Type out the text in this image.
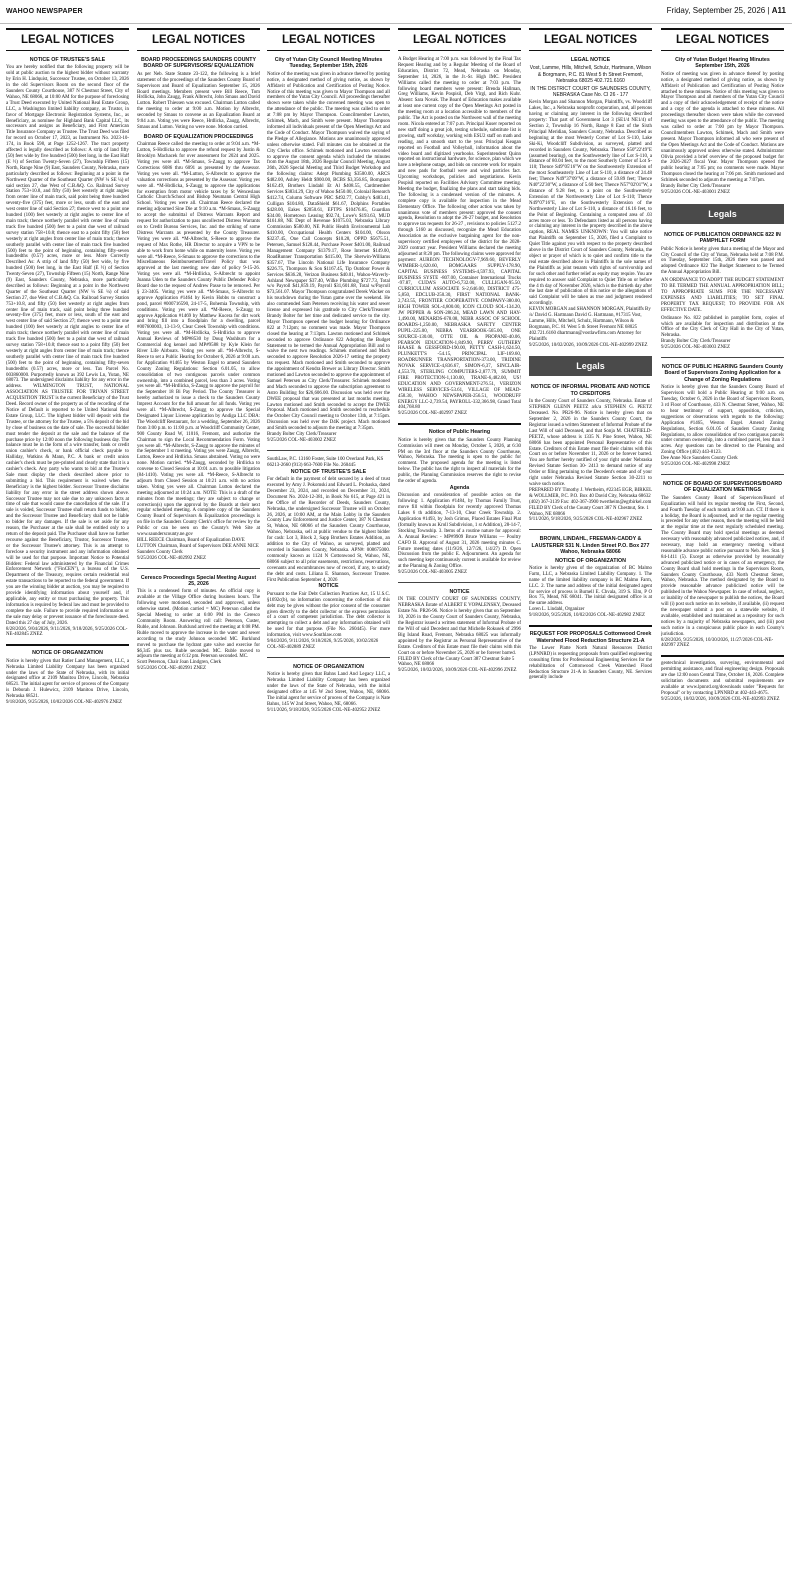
WAHOO NEWSPAPER	Friday, September 25, 2026 | A11
LEGAL NOTICES
NOTICE OF TRUSTEE'S SALE
You are hereby notified that the following property will be sold at public auction to the highest bidder without warranty by Erin H. Lindquist, Successor Trustee, on October 13, 2026 in the old Supervisors Room on the second floor of the Saunders County Courthouse, 387 N Chestnut Street, City of Wahoo, NE 68066, at 10:00 AM for the purpose of foreclosing a Trust Deed executed by United National Real Estate Group, LLC, a Washington limited liability company, as Trustor, in favor of Mortgage Electronic Registration Systems, Inc., as Beneficiary, as nominee for Highland Bank Capital LLC, its successors and assigns as Beneficiary, and First American Title Insurance Company as Trustee. The Trust Deed was filed for record on October 17, 2023, as Instrument No. 2023-10-174, in Book 598, at Page 1252-1267. The tract property affected is legally described as follows: A strip of land fifty (50) feet wide by five hundred (500) feet long, in the East Half (E ½) of Section Twenty-Seven (27), Township Fifteen (15) North, Range Nine (9) East, Saunders County, Nebraska, more particularly described as follows: Beginning at a point in the Northwest Quarter of the Southeast Quarter (NW ¼ SE ¼) of said section 27, due West of C.B.&Q. Co. Railroad Survey Station 753+10.8, and fifty (50) feet westerly at right angles from center line of main track, said point being three hundred seventy-five (375) feet, more or less, south of the east and west center line of said Section 27; thence west to a point one hundred (100) feet westerly at right angles to center line of main track; thence northerly parallel with center line of main track five hundred (500) feet to a point due west of railroad survey station 758+10.8; thence east to a point fifty (50) feet westerly at right angles from center line of main track; thence southerly parallel with center line of main track five hundred (500) feet to the point of beginning, containing fifty-seven hundredths (0.57) acres, more or less. More Correctly Described As: A strip of land fifty (50) feet wide, by five hundred (500) feet long, in the East Half (E ½) of Section Twenty-Seven (27), Township Fifteen (15) North, Range Nine (9) East, Saunders County, Nebraska, more particularly described as follows: Beginning at a point in the Northwest Quarter of the Southeast Quarter (NW ¼ SE ¼) of said Section 27, due West of C.B.&Q. Co. Railroad Survey Station 753+10.8, and fifty (50) feet westerly at right angles from center line of main track, said point being three hundred seventy-five (375) feet, more or less, south of the east and west center line of said Section 27; thence west to a point one hundred (100) feet westerly at right angles to center line of main track; thence northerly parallel with center line of main track five hundred (500) feet to a point due west of railroad survey station 758+10.8; thence east to a point fifty (50) feet westerly at right angles from center line of main track; thence southerly parallel with center line of main track five hundred (500) feet to the point of beginning, containing fifty-seven hundredths (0.57) acres, more or less. Tax Parcel No. 003860000. Purportedly known as 392 Lewis Ln, Yutan, NE 68073. The undersigned disclaims liability for any error in the address. WILMINGTON TRUST, NATIONAL ASSOCIATION AS TRUSTEE FOR TRIVAN STREET ACQUISITION TRUST is the current Beneficiary of the Trust Deed. Record owner of the property as of the recording of the Notice of Default is reported to be United National Real Estate Group, LLC. The highest bidder will deposit with the Trustee, or the attorney for the Trustee, a 5% deposit of the bid by close of business on the date of sale. The successful bidder must tender the deposit at the sale and the balance of the purchase price by 12:00 noon the following business day. The balance must be in the form of a wire transfer, bank or credit union cashier's check, or bank official check payable to Halliday, Watkins & Mann, P.C. A bank or credit union cashier's check must be pre-printed and clearly state that it is a cashier's check. Any party who wants to bid at the Trustee's Sale must display the check described above prior to submitting a bid. This requirement is waived when the Beneficiary is the highest bidder. Successor Trustee disclaims liability for any error in the street address shown above. Successor Trustee may not sale due to any unknown facts at time of sale that would cause the cancellation of the sale. If a sale is voided, Successor Trustee shall return funds to bidder, and the Successor Trustee and Beneficiary shall not be liable to bidder for any damages. If the sale is set aside for any reason, the Purchaser at the sale shall be entitled only to a return of the deposit paid. The Purchaser shall have no further recourse against the Beneficiary, Trustor, Successor Trustee, or the Successor Trustee's attorney. This is an attempt to foreclose a security instrument and any information obtained will be used for that purpose. Important Notice to Potential Bidders: Federal law administered by the Financial Crimes Enforcement Network ("FinCEN"), a bureau of the U.S. Department of the Treasury, requires certain residential real estate transactions to be reported to the federal government. If you are the winning bidder at auction, you may be required to provide identifying information about yourself and, if applicable, any entity or trust purchasing the property. This information is required by federal law and must be provided to complete the sale. Failure to provide required information or the sale may delay or prevent issuance of the foreclosure deed. Dated this 27 day of July, 2026.
8/28/2026, 9/04/2026, 9/11/2026, 9/18/2026, 9/25/2026 COL-NE-402845 ZNEZ
NOTICE OF ORGANIZATION
Notice is hereby given that Ratier Land Management, LLC, a Nebraska Limited Liability Company has been organized under the laws of the State of Nebraska, with its initial designated office at 2109 Manitou Drive, Lincoln, Nebraska 68521. The initial agent for service of process of the Company is Deborah J. Hulewicz, 2109 Manitou Drive, Lincoln, Nebraska 68521.
9/18/2026, 9/25/2026, 10/02/2026 COL-NE-402976 ZNEZ
LEGAL NOTICES
BOARD PROCEEDINGS SAUNDERS COUNTY BOARD OF SUPERVISORS/ EQUALIZATION
As per Neb. State Statute 23-122, the following is a brief statement of the proceedings of the Saunders County Board of Supervisors and Board of Equalization September 15, 2026 Board meetings. Members present were Bill Reece, Tom Hrdlicka, John Zaugg, Frank Albrecht, John Smaus and David Lutton. Robert Thiessen was excused. Chairman Lutton called the meeting to order at 9:00 a.m. Motion by Albrecht, seconded by Smaus to convene as an Equalization Board at 9:04 a.m. Voting yes were Reece, Hrdlicka, Zaugg, Albrecht, Smaus and Lutton. Voting no were none. Motion carried.
BOARD OF EQUALIZATION PROCEEDINGS
Chairman Reece called the meeting to order at 9:04 a.m. *M-Lutton, S-Hrdlicka to approve the refund request by Justin & Brooklyn Machacek for over assessment for 2024 and 2025. Voting yes were all. *M-Smaus, S-Zaugg to approve Tax Corrections 6086 thru 6091 as presented by the Assessor. Voting yes were all. *M-Lutton, S-Albrecht to approve the valuation corrections as presented by the Assessor. Voting yes were all. *M-Hrdlicka, S-Zaugg to approve the applications for exemption from motor vehicle taxes by St Wenceslaus Catholic Church/School and Bishop Neumann Central High School. Voting yes were all. Chairman Reece declared the meeting adjourned Sine Die at 9:10 a.m. *M-Smaus, S-Zaugg to accept the submittal of Distress Warrants Report and request for authorization to pass uncollected Distress Warrants on to Credit Bureau Services, Inc. and the striking of some Distress Warrants as presented by the County Treasurer. Voting yes were all. *M-Albrecht, S-Reece to approve the request of Max Rothe, HR Director to acquire a VPN to be able to work from home while on maternity leave. Voting yes were all. *M-Reece, S-Smaus to approve the corrections to the Miscellaneous Reimbursement/Travel Policy that was approved at the last meeting; new date of policy 9-15-26. Voting yes were all. *M-Hrdlicka, S-Albrecht to appoint Joanna Uden to the Saunders County Public Defender Policy Board due to the request of Andrew Passe to be removed. Per § 23-3405. Voting yes were all. *M-Smaus, S-Albrecht to approve Application #1464 by Kevin Hobbs to construct a pond, parcel #000716590, 24-17-5, Bohemia Township, with conditions. Voting yes were all. *M-Reece, S-Zaugg to approve Application #1469 by Matthew Kucera for dirt work and bring fill into a floodplain for a dwelling, parcel #007600003, 13-13-9, Clear Creek Township with conditions. Voting yes were all. *M-Hrdlicka, S-Hrdlicka to approve Annual Reviews of MP#8530 by Doug Washburn for a Commercial dog kennel and MP#9588 by Kyle Klein for River Life Airboats. Voting yes were all. *M-Albrecht, S-Reece to set a Public Hearing for October 6, 2026 at 9:00 a.m. for Application #1465 by Weston Engel to amend Saunders County Zoning Regulations: Section 6.01.05, to allow consolidation of two contiguous parcels under common ownership, into a combined parcel, less than 3 acres. Voting yes were all. *M-Hrdlicka, S-Zaugg to approve the payroll for the September 18 Bi Pay Period. The County Treasurer is hereby authorized to issue a check to the Saunders County Imprest Account for the full amount for all funds. Voting yes were all. *M-Albrecht, S-Zaugg to approve the Special Designated Liquor License application by Andiga LLC DBA: The Woodcliff Restaurant, for a wedding, September 26, 2026 from 3:00 p.m. to 11:00 p.m. at Woodcliff Community Center, 900 County Road W, 11016, Fremont, and authorize the Chairman to sign the Local Recommendation Form. Voting yes were all. *M-Albrecht, S-Zaugg to approve the minutes of the September 1 st meeting. Voting yes were Zaugg, Albrecht, Lutton, Reece and Hrdlicka. Smaus abstained. Voting no were none. Motion carried. *M-Zaugg, seconded by Hrdlicka to convene to Closed Session at 10:01 a.m. to possible litigation (84-1410). Voting yes were all. *M-Reece, S-Albrecht to adjourn from Closed Session at 10:21 a.m. with no action taken. Voting yes were all. Chairman Lutton declared the meeting adjourned at 10:24 a.m. NOTE: This is a draft of the minutes from the meetings; they are subject to change or correction(s) upon the approval by the Boards at their next regular scheduled meeting. A complete copy of the Saunders County Board of Supervisors & Equalization proceedings is on file in the Saunders County Clerk's office for review by the Public or can be seen on the County's Web Site at www.saunderscounty.ne.gov
BILL REECE Chairman, Board of Equalization DAVE LUTTON Chairman, Board of Supervisors DEE ANNE NICE Saunders County Clerk
9/25/2026 COL-NE-402992 ZNEZ
Ceresco Proceedings Special Meeting August 25, 2026
This is a condensed form of minutes. An official copy is available at the Village Office during business hours. The following were motioned, seconded and approved, unless otherwise stated. (Motion carried = MC) Peterson called the Special Meeting to order at 6:00 PM in the Ceresco Community Room. Answering roll call: Peterson, Custer, Ruble, and Johnson. Burklund arrived the meeting at 6:08 PM. Ruble moved to approve the increase in the water and sewer according to the study Johnson seconded MC. Burklund moved to purchase the hydrant gate valve and exercise for $6,345 plus tax. Ruble seconded. MC. Ruble moved to adjourn the meeting at 6:12 pm. Peterson seconded. MC.
Scott Peterson, Chair Joan Lindgren, Clerk
9/25/2026 COL-NE-402991 ZNEZ
LEGAL NOTICES
City of Yutan City Council Meeting Minutes Tuesday, September 15th, 2026
Notice of the meeting was given in advance thereof by posting notice, a designated method of giving notice, as shown by Affidavit of Publication and Certification of Posting Notice. Notice of this meeting was given to Mayor Thompson and all members of the Yutan City Council. All proceedings thereafter shown were taken while the convened meeting was open to the attendance of the public. The meeting was called to order at 7:08 pm by Mayor Thompson. Councilmember Lawton, Schimek, Mach, and Smith were present. Mayor Thompson informed all individuals present of the Open Meetings Act and the Code of Conduct. Mayor Thompson waived the saying of the Pledge of Allegiance. Motions are unanimously approved unless otherwise stated. Full minutes can be obtained at the City Clerks office. Schimek motioned and Lawton seconded to approve the consent agenda which included the minutes from the August 18th, 2026 Regular Council Meeting, August 26th, 2026 Special Meeting and Third Budget Workshop and the following claims: Adept Plumbing $3500.00, ARCS $482.00, Ashley Heldt $900.00, BCBS $3,356.85, Bomgaars $162.49, Brothers Lindahl Et Al $408.55, Cardmember Services $3834.29, City of Wahoo $450.00, Colonial Research $412.74, Column Software PBC $492.77, Cubby's $483.41, Culligan $104.80, DataShield $61.67, Dolphins Portables $428.00, Eakes $2050.61, EFTPS $10476.85, Guardian $34.00, Hometown Leasing $92.74, Lowe's $193.63, MUD $161.88, NE Dept of Revenue $1075.03, Nebraska Library Commission $580.00, NE Public Health Environmental Lab $410.00, Occupational Health Centers $104.00, Olsson $3237.45, One Call Concepts $10.28, OPPD $5675.51, Petersen, Samuel $128.44, Purchase Power $401.00, Railroad Management Company $1379.17, Rose Internet $149.00, RoadRunner Transportation $415.00, The Sherwin-Williams $357.67, The Lincoln National Life Insurance Company $226.75, Thompson & Son $1167.45, Tip Outdoor Power & Services $636.28, Verizon Business $40.01, Wahoo-Waverly-Ashland Newspaper $37.40, Wilke Plumbing $727.73, Total w/o Payroll $41,859.19, Payroll $31,601.88, Total w/Payroll $73,561.07. Mayor Thompson congratulated Derek Wacker on his touchdown during the Yutan game over the weekend. He also commended Sam Petersen receiving his water and sewer license and expressed his gratitude to City Clerk/Treasurer Brandy Bolter for her time and dedicated service to the city. Mayor Thompson opened the budget hearing for Ordinance 822 at 7:12pm; no comment was made. Mayor Thompson closed the hearing at 7:13pm. Lawton motioned and Schimek seconded to approve Ordinance 822 Adopting the Budget Statement to be termed the Annual Appropriation Bill and to waive the next two readings. Schimek motioned and Mach seconded to approve Resolution 2026-17 setting the property tax request. Mach motioned and Smith seconded to approve the appointment of Kendra Brewer as Library Director. Smith motioned and Lawton seconded to approve the appointment of Samuel Petersen as City Clerk/Treasurer. Schimek motioned and Mach seconded to approve the subscription agreement to Astro Building for $26,606.00. Discussion was held over the DWEE proposal that was presented at last months meeting. Lawton motioned and Smith seconded to accept the DWEE Proposal. Mach motioned and Smith seconded to reschedule the October City Council meeting to October 13th, at 7:15pm. Discussion was held over the D4K project. Mach motioned and Smith seconded to adjourn the meeting at 7:35pm.
Brandy Bolter City Clerk/Treasurer
9/25/2026 COL-NE-403002 ZNEZ
SouthLaw, P.C. 13160 Foster, Suite 100 Overland Park, KS 66213-2660 (913) 663-7600 File No. 260445
NOTICE OF TRUSTEE'S SALE
For default in the payment of debt secured by a deed of trust executed by Amy J. Pokomski and Edward L. Prohaska, dated December 23, 2024, and recorded on December 31, 2024, Document No. 2024-12-381, in Book No 615, at Page 421 in the Office of the Recorder of Deeds, Saunders County, Nebraska, the undersigned Successor Trustee will on October 26, 2026, at 10:00 AM, at the Main Lobby in the Saunders County Law Enforcement and Justice Center, 387 N Chestnut St, Wahoo, NE 68066 of the Saunders County Courthouse, Wahoo, Nebraska, sell at public vendue to the highest bidder for cash: Lot 3, Block 2, Sapp Brothers Estates Addition, an addition to the City of Wahoo, as surveyed, platted and recorded in Saunders County, Nebraska. APN#: 008675000. commonly known as 1124 N Cottonwood St, Wahoo, NE, 68066 subject to all prior easements, restrictions, reservations, covenants and encumbrances now of record, if any, to satisfy the debt and costs. Liliana E. Shannon, Successor Trustee. First Publication September 4, 2026
NOTICE
Pursuant to the Fair Debt Collection Practices Act, 15 U.S.C. §1692c(b), no information concerning the collection of this debt may be given without the prior consent of the consumer given directly to the debt collector or the express permission of a court of competent jurisdiction. The debt collector is attempting to collect a debt and any information obtained will be used for that purpose. (File No. 260445). For more information, visit www.Southlaw.com
9/04/2026, 9/11/2026, 9/18/2026, 9/25/2026, 10/02/2026 COL-NE-402889 ZNEZ
NOTICE OF ORGANIZATION
Notice is hereby given that Bahns Land And Legacy LLC, a Nebraska Limited Liability Company has been organized under the laws of the State of Nebraska, with the initial designated office at 145 W 2nd Street, Wahoo, NE, 68066. The initial agent for service of process of the Company is Nate Bahns, 145 W 2nd Street, Wahoo, NE, 68066.
9/11/2026, 9/18/2026, 9/25/2026 COL-NE-402952 ZNEZ
LEGAL NOTICES
A Budget Hearing at 7:00 p.m. was followed by the Final Tax Request Hearing and by a Regular Meeting of the Board of Education, District 72, Mead, Nebraska on Monday, September 14, 2026, in the Jr.-Sr. High IMC. President Williams called the meeting to order at 7:03 p.m. The following board members were present: Brenda Hallman, Greg Williams, Kevin Pospisil, Deb Virgl, and Rich Kuhr. Absent: Sara Novak. The Board of Education makes available at least one current copy of the Open Meetings Act posted in the meeting room at a location accessible to members of the public. The Act is posted on the Northwest wall of the meeting room. Nicola entered at 7:07 p.m. Principal Kuser reported on new staff doing a great job, testing schedule, substitute list is growing, staff workday, working with ESU2 staff on math and reading, and a smooth start to the year. Principal Keagan reported on Football and Volleyball, information about the video board and digitized yearbooks. Superintendent Quinn reported on instructional hardware, for science, plan which we have a telephone outage, and bids on concrete work for repairs and new pads for football were and wind particles fact. Upcoming workshops, policies and negotiations. Kevin Pospisil reported on Facilities Advisory Committee meeting. Meeting the budget, finalizing the plans and start taking bids. The following is a condensed version of the minutes. A complete copy is available for inspection in the Mead Elementary Office. The following other action was taken by unanimous vote of members present: approved the consent agenda, Resolution to adopt the 26-27 budget, and Resolution to approve tax requests for 26-27 , revisions to policies 5127.2 through 5160 as discussed, recognize the Mead Education Association as the exclusive bargaining agent for the non-supervisory certified employees of the district for the 2028-2029 contract year. President Williams declared the meeting adjourned at 8:20 pm. The following claims were approved for payment: AUREON TECHNOLOGY-7,969.60, BEVERLY WIMBER-1,620.60, BOMGAARS SUPPLY-178.90, CAPITAL BUSINESS SYSTEMS-4,597.93, CAPITAL BUSINESS SYSTE -807.00, Container International Trucks -97.87, CUDA'S AUTO-6,732.00, CULLIGAN-95.50, CURRICULUM ASSOCIATE S-2,646.00, DISTRICT 475-5,850, EDCLUB-250.30, FIRST NATIONAL BANK-2,743.55, FRONTIER COOPERATIVE COMPANY-380.00, HIGH TOWER SOL-4,800.00, ICON CLOUD SOL-134.20, JW PEPPER & SON-286.24, MEAD LAWN AND HAY-1,490.00, MENARDS-678.08, NEBR ASSOC OF SCHOOL BOARDS-1,250.00, NEBRASKA SAFETY CENTER PUPIL-225.00, NEBRA YEARBOOK-565.00, ONE SOURCE-130.00, OTTE OIL & PROPANE-40.06, PEARSON EDUCATION-1,849.90, PERRY GUTHERY HAASE & GESSFORD-190.00, PETTY CASH-1,624.50, PLUNKETT'S -54.15, PRINCIPAL LIF-169.60, ROADRUNNER TRANSPORTATION-373.00, TRIDINE NOVAK SERVICE-4,836.67, SIMON-6,37, SINCLAIR-4,553.70, STERLING COMPUTERS-2,877.79, SUMMIT FIRE PROTECTION-1,130.00, TRANE-6,482.00, US! EDUCATION AND GOVERNMENT-276.51, VERIZON WIRELESS SERVICES-53.61, VILLAGE OF MEAD-458.30, WAHOO NEWSPAPER-256.51, WOODRUFF ENERGY LLC-2,739.54, PAYROLL-332,366.98, Grand Total 404,768.80
9/25/2026 COL-NE-402997 ZNEZ
Notice of Public Hearing
Notice is hereby given that the Saunders County Planning Commission will meet on Monday, October 5, 2026, at 6:30 PM on the 3rd floor at the Saunders County Courthouse, Wahoo, Nebraska. The meeting is open to the public for comment. The proposed agenda for the meeting is listed below. The public has the right to inspect all materials for the public, the Planning Commission reserves the right to revise the order of agenda.
Agenda
Discussion and consideration of possible action on the following: 1. Application #1484, by Thomas Family Trust, move fill within floodplain for recently approved Thomas Lakes 6 th addition, 7-13-10, Clear Creek Township. 2. Application #1493, by Josh Grimus, Placed Estates Final Plat (formally known as Kroll Subdivision, 1 st Addition), 28-14-7, Stocking Township. 3. Items of a routine nature for approval: A. Annual Review: - MP#9909 Bruce Williams — Poultry CAFO B. Approval of August 31, 2026 meeting minutes C. Future meeting dates (11/9/26, 12/7/26, 1/4/27) D. Open Discussion from the public E. Adjournment. An agenda for such meeting kept continuously current is available for review at the Planning & Zoning Office.
9/25/2026 COL-NE-403005 ZNEZ
NOTICE
IN THE COUNTY COURT OF SAUNDERS COUNTY, NEBRASKA Estate of ALBERT E VOPALENSKY, Deceased Estate No. PR26-96. Notice is hereby given that on September 10, 2026 in the County Court of Saunders County, Nebraska, the Registrar issued a written statement of Informal Probate of the Will of said Decedent and that Michelle Rokusek of 2996 Big Island Road, Fremont, Nebraska 68025 was informally appointed by the Registrar as Personal Representative of the Estate. Creditors of this Estate must file their claims with this Court on or before November 25, 2026 or be forever barred.
FILED BY Clerk of the County Court 387 Chestnut Suite 5 Wahoo, NE 68066
9/25/2026, 10/02/2026, 10/09/2026 COL-NE-402996 ZNEZ
LEGAL NOTICES
LEGAL NOTICE
Vost, Lamme, Hills, Mitchell, Schulz, Hartmann, Wilson & Borgmann, P.C. 81 West 5 th Street Fremont, Nebraska 68025 402.721.6160
IN THE DISTRICT COURT OF SAUNDERS COUNTY, NEBRASKA Case No. CI 26 - 177
Kevin Morgan and Shannon Morgan, Plaintiffs, vs. Woodcliff Lakes, Inc., a Nebraska nonprofit corporation, and, all persons having or claiming any interest in the following described property: That part of Government Lot 3 (SE1/4 NE1/4) of Section 2, Township 16 North, Range 8 East of the Sixth Principal Meridian, Saunders County, Nebraska. Described as beginning at the most Westerly Corner of Lot S-110, Lake Ski-Ki, Woodcliff Subdivision, as surveyed, platted and recorded in Saunders County, Nebraska. Thence S50°22'49"E (assumed bearing), on the Southwesterly line of Lot S-110, a distance of 80.04 feet, to the most Southerly Corner of Lot S-110; Thence S49°05'16"W on the Southwesterly Extension of the most Southeasterly Line of Lot S-110, a distance of 24.48 feet; Thence N49°37'09"W, a distance of 59.89 feet; Thence N40°22'30"W, a distance of 5.60 feet; Thence N57°02'01"W, a distance of 9.28 feet, to a point on the Southwesterly Extension of the Northwesterly Line of Lot S-110; Thence N49°07'16"E, on the Southwesterly Extension of the Northwesterly Line of Lot S-110, a distance of 16.16 feet, to the Point of Beginning. Containing a computed area of .03 acres more or less. To Defendants listed as all persons having or claiming any interest in the property described in the above caption, REAL NAMES UNKNOWN: You will take notice that Plaintiffs on September 15, 2026, filed a Complaint to Quiet Title against you with respect to the property described above in the District Court of Saunders County, Nebraska, the object or prayer of which is to quiet and confirm title to the real estate described above in Plaintiffs in the sole names of the Plaintiffs as joint tenants with rights of survivorship and for such other and further relief as equity may require. You are required to answer said Complaint to Quiet Title on or before the 4 th day of November 2026, which is the thirtieth day after the last date of publication of this notice or the allegations of said Complaint will be taken as true and judgment rendered accordingly.
KEVIN MORGAN and SHANNON MORGAN, Plaintiffs By /s/ David G. Hartmann David G. Hartmann, #17315 Vost, Lamme, Hills, Mitchell, Schulz, Hartmann, Wilson & Borgmann, P.C. 81 West 5 th Street Fremont NE 68025 402.721.6160 dhartmann@vostlawfirm.com Attorney for Plaintiffs
9/25/2026, 10/02/2026, 10/09/2026 COL-NE-402999 ZNEZ
Legals
NOTICE OF INFORMAL PROBATE AND NOTICE TO CREDITORS
In the County Court of Saunders County, Nebraska. Estate of STEPHEN GLENN PEETZ a/k/a STEPHEN G. PEETZ Deceased. No. PR26-96. Notice is hereby given that on September 2, 2026 in the Saunders County Court, the Registrar issued a written Statement of Informal Probate of the Last Will of said Deceased, and that Sonja M. CHATFIELD-PEETZ, whose address is 1335 N. Pine Street, Wahoo, NE 68066 has been appointed Personal Representative of this Estate. Creditors of this Estate must file their claims with this Court on or before November 11, 2026 or be forever barred. You are further hereby notified of your right under Nebraska Revised Statute Section 30- 2413 to demand notice of any Order or filing pertaining to the Decedent's estate and of your right under Nebraska Revised Statute Section 30-2211 to waive such notice.
PREPARED BY Timothy J. Wertheim, #22345 EGR, BIRKEL & WOLLMER, P.C. P.O. Box 40 David City, Nebraska 68632 (402) 367-3139 Fax: 402-367-3900 twertheim@egrbirkel.com FILED BY Clerk of the County Court 387 N Chestnut, Ste. 1 Wahoo, NE 68066
9/11/2026, 9/18/2026, 9/25/2026 COL-NE-402967 ZNEZ
BROWN, LINDAHL, FREEMAN-CADDY & LAUSTERER 531 N. Linden Street P.O. Box 277 Wahoo, Nebraska 68066
NOTICE OF ORGANIZATION
Notice is hereby given of the organization of BC Malmo Farm, LLC, a Nebraska Limited Liability Company. 1. The name of the limited liability company is BC Malmo Farm, LLC. 2. The name and address of the initial designated agent for service of process is Burnell E. Chvala, 319 S. Elm, P O Box 75, Mead, NE 68041. The initial designated office is at the same address.
Loren L. Lindahl, Organizer
9/18/2026, 9/25/2026, 10/02/2026 COL-NE-402982 ZNEZ
REQUEST FOR PROPOSALS Cottonwood Creek Watershed Flood Reduction Structure 21-A
The Lower Platte North Natural Resources District (LPNNRD) is requesting proposals from qualified engineering consulting firms for Professional Engineering Services for the rehabilitation of Cottonwood Creek Watershed Flood Reduction Structure 21-A in Saunders County, NE. Services generally include
LEGAL NOTICES
City of Yutan Budget Hearing Minutes September 15th, 2026
Notice of meeting was given in advance thereof by posting notice, a designated method of giving notice, as shown by Affidavit of Publication and Certification of Posting Notice attached to these minutes. Notice of this meeting was given to Mayor Thompson and all members of the Yutan City Council and a copy of their acknowledgement of receipt of the notice and a copy of the agenda is attached to these minutes. All proceedings thereafter shown were taken while the convened meeting was open to the attendance of the public. The meeting was called to order at 7:00 pm by Mayor Thompson. Councilmembers Lawton, Schimek, Mach and Smith were present. Mayor Thompson informed all who were present of the Open Meetings Act and the Code of Conduct. Motions are unanimously approved unless otherwise stated. Administrator Olivia provided a brief overview of the proposed budget for the 2026-2027 fiscal Year. Mayor Thompson opened the public hearing at 7:05 pm; no comments were made. Mayor Thompson closed the hearing at 7:06 pm. Smith motioned and Schimek seconded to adjourn the meeting at 7:07pm.
Brandy Bolter City Clerk/Treasurer
9/25/2026 COL-NE-403001 ZNEZ
Legals
NOTICE OF PUBLICATION ORDINANCE 822 IN PAMPHLET FORM
Public Notice is hereby given that a meeting of the Mayor and City Council of the City of Yutan, Nebraska held at 7:08 P.M. on Tuesday, September 15th, 2026 there was passed and adopted Ordinance 822 The Budget Statement to be Termed the Annual Appropriation Bill.
AN ORDINANCE TO ADOPT THE BUDGET STATEMENT TO BE TERMED THE ANNUAL APPROPRIATION BILL; TO APPROPRIATE SUMS FOR THE NECESSARY EXPENSES AND LIABILITIES; TO SET FINAL PROPERTY TAX REQUEST; TO PROVIDE FOR AN EFFECTIVE DATE.
Ordinance No. 822 published in pamphlet form, copies of which are available for inspection and distribution at the Office of the City Clerk of City Hall in the City of Yutan, Nebraska.
Brandy Bolter City Clerk/Treasurer
9/25/2026 COL-NE-403003 ZNEZ
NOTICE OF PUBLIC HEARING Saunders County Board of Supervisors Zoning Application for a Change of Zoning Regulations
Notice is hereby given that the Saunders County Board of Supervisors will hold a Public Hearing at 9:00 a.m. on Tuesday, October 6, 2026 in the Board of Supervisors Room, 3 rd Floor of Courthouse, 433 N. Chestnut Street, Wahoo, NE to hear testimony of support, opposition, criticism, suggestions or observations with regards to the following: Application #1465, Weston Engel. Amend Zoning Regulations, Section 6.01.05 of Saunders County Zoning Regulations, to allow consolidation of two contiguous parcels under common ownership, into a combined parcel, less than 3 acres. Any questions can be directed to the Planning and Zoning Office (402) 443-8123.
Dee Anne Nice Saunders County Clerk
9/25/2026 COL-NE-402998 ZNEZ
NOTICE OF BOARD OF SUPERVISORS/BOARD OF EQUALIZATION MEETINGS
The Saunders County Board of Supervisors/Board of Equalization will hold its regular meeting the First, Second, and Fourth Tuesday of each month at 9:00 a.m. CT. If there is a holiday, the Board is adjourned, and/ or the regular meeting is preceded for any other reason, then the meeting will be held at the regular time at the next regularly scheduled meeting. The County Board may hold special meetings as deemed necessary with reasonably advanced publicized notices, and, if necessary, may hold an emergency meeting without reasonable advance public notice pursuant to Neb. Rev. Stat. § 84-1411 (5). Except as otherwise provided by reasonably advanced publicized notice or in cases of an emergency, the County Board shall hold meetings in the Supervisors Room, Saunders County Courthouse, 433 North Chestnut Street, Wahoo, Nebraska. The method designated by the Board to provide reasonable advance publicized notice will be published in the Wahoo Newspaper. In case of refusal, neglect, or inability of the newspaper to publish the notices, the Board will (i) post such notice on its website, if available, (ii) request the newspaper submit a post on a statewide website, if available, established and maintained as a repository for such notices by a majority of Nebraska newspapers, and (iii) post such notice in a conspicuous public place in each County's jurisdiction.
8/28/2026, 9/25/2026, 10/30/2026, 11/27/2026 COL-NE-402997 ZNEZ
geotechnical investigation, surveying, environmental and permitting assistance, and final engineering design. Proposals are due 12:00 noon Central Time, October 16, 2026. Complete solicitation documents and submittal requirements are available at www.lpnnrd.org/downloads under "Requests for Proposal" or by contacting LPNNRD at 402-443-4675.
9/25/2026, 10/02/2026, 10/09/2026 COL-NE-402993 ZNEZ
